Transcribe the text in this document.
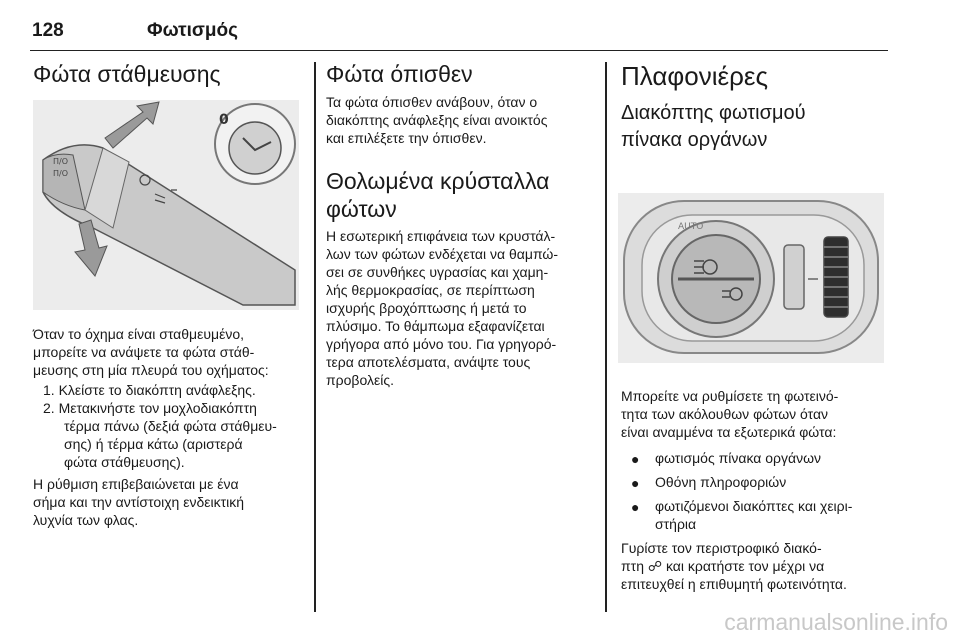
128	Φωτισμός
Φώτα στάθμευσης
Π/Ο
Π/Ο
0

Όταν το όχημα είναι σταθμευμένο,

μπορείτε να ανάψετε τα φώτα στάθ-

μευσης στη μία πλευρά του οχήματος:

1. Κλείστε το διακόπτη ανάφλεξης.
2. Μετακινήστε τον μοχλοδιακόπτη
τέρμα πάνω (δεξιά φώτα στάθμευ-
σης) ή τέρμα κάτω (αριστερά
φώτα στάθμευσης).

Η ρύθμιση επιβεβαιώνεται με ένα

σήμα και την αντίστοιχη ενδεικτική

λυχνία των φλας.

Φώτα όπισθεν

Τα φώτα όπισθεν ανάβουν, όταν ο

διακόπτης ανάφλεξης είναι ανοικτός

και επιλέξετε την όπισθεν.

Θολωμένα κρύσταλλα
φώτων

Η εσωτερική επιφάνεια των κρυστάλ-

λων των φώτων ενδέχεται να θαμπώ-

σει σε συνθήκες υγρασίας και χαμη-

λής θερμοκρασίας, σε περίπτωση

ισχυρής βροχόπτωσης ή μετά το

πλύσιμο. Το θάμπωμα εξαφανίζεται

γρήγορα από μόνο του. Για γρηγορό-

τερα αποτελέσματα, ανάψτε τους

προβολείς.

Πλαφονιέρες
Διακόπτης φωτισμού
πίνακα οργάνων
AUTO

Μπορείτε να ρυθμίσετε τη φωτεινό-

τητα των ακόλουθων φώτων όταν

είναι αναμμένα τα εξωτερικά φώτα:

● φωτισμός πίνακα οργάνων
● Οθόνη πληροφοριών
● φωτιζόμενοι διακόπτες και χειρι-
στήρια

Γυρίστε τον περιστροφικό διακό-

πτη ☍ και κρατήστε τον μέχρι να

επιτευχθεί η επιθυμητή φωτεινότητα.

carmanualsonline.info
